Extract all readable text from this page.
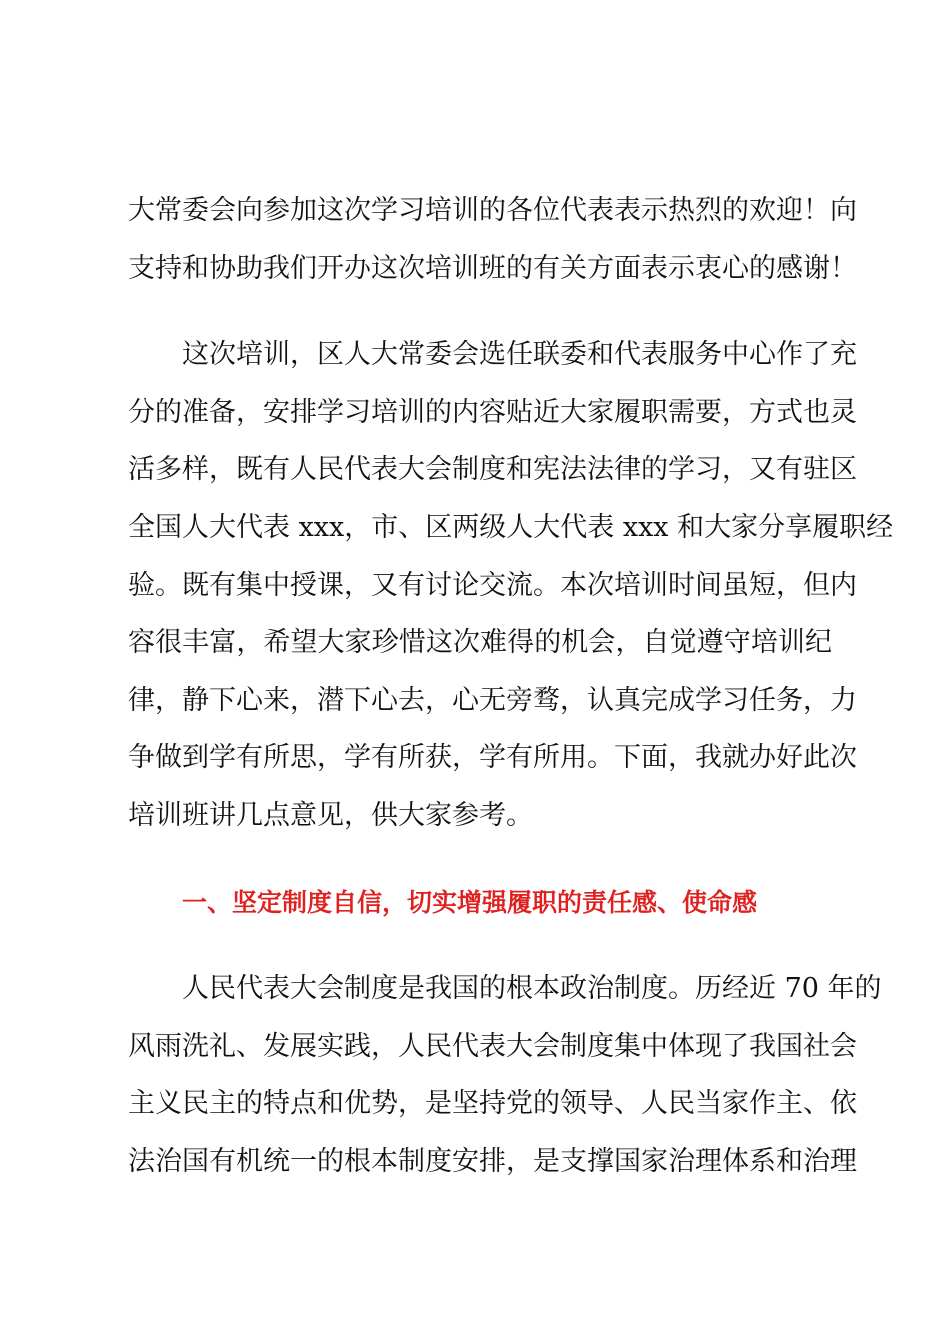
大常委会向参加这次学习培训的各位代表表示热烈的欢迎！向
支持和协助我们开办这次培训班的有关方面表示衷心的感谢！
这次培训，区人大常委会选任联委和代表服务中心作了充
分的准备，安排学习培训的内容贴近大家履职需要，方式也灵
活多样，既有人民代表大会制度和宪法法律的学习，又有驻区
全国人大代表 xxx，市、区两级人大代表 xxx 和大家分享履职经
验。既有集中授课，又有讨论交流。本次培训时间虽短，但内
容很丰富，希望大家珍惜这次难得的机会，自觉遵守培训纪
律，静下心来，潜下心去，心无旁骛，认真完成学习任务，力
争做到学有所思，学有所获，学有所用。下面，我就办好此次
培训班讲几点意见，供大家参考。
一、坚定制度自信，切实增强履职的责任感、使命感
人民代表大会制度是我国的根本政治制度。历经近 70 年的
风雨洗礼、发展实践，人民代表大会制度集中体现了我国社会
主义民主的特点和优势，是坚持党的领导、人民当家作主、依
法治国有机统一的根本制度安排，是支撑国家治理体系和治理
